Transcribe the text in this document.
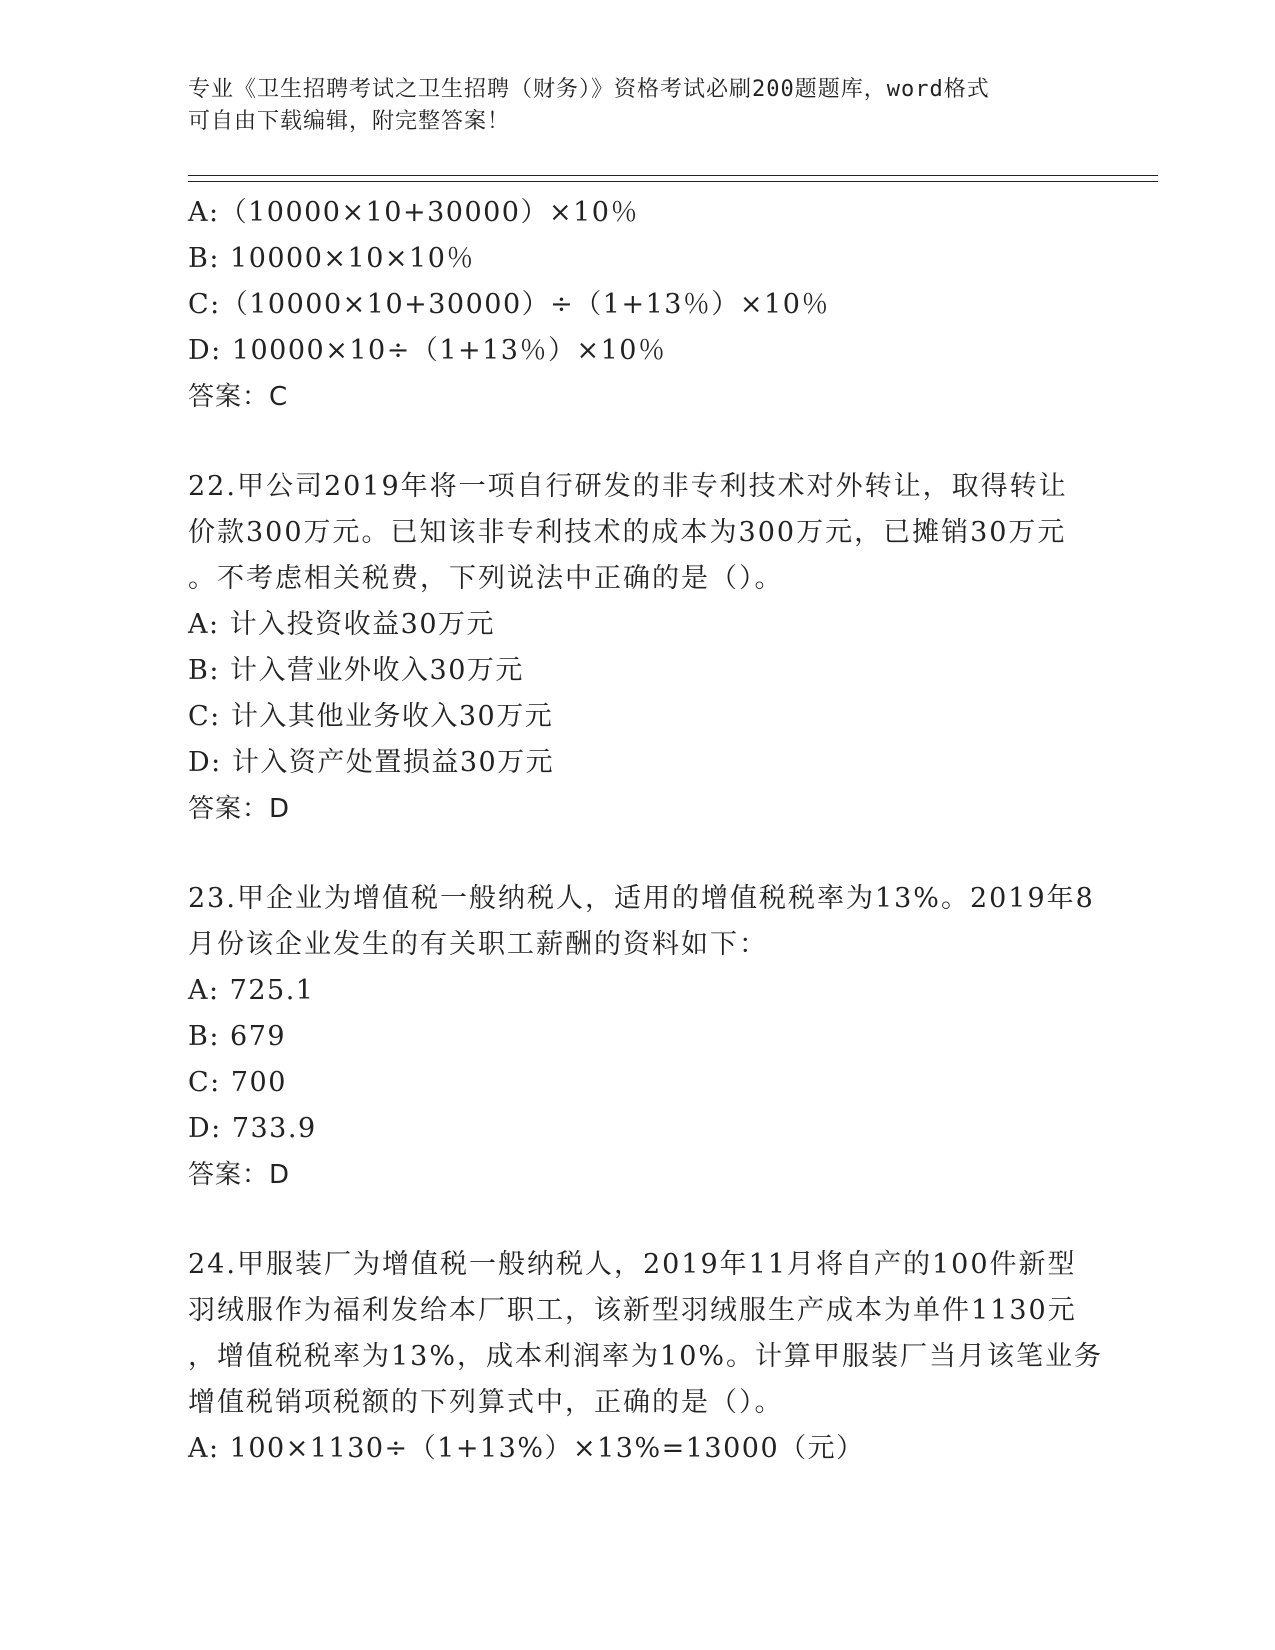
专业《卫生招聘考试之卫生招聘（财务）》资格考试必刷200题题库，word格式
可自由下载编辑，附完整答案！
A:（10000×10+30000）×10％
B: 10000×10×10％
C:（10000×10+30000）÷（1+13％）×10％
D: 10000×10÷（1+13％）×10％
答案：C
22.甲公司2019年将一项自行研发的非专利技术对外转让，取得转让
价款300万元。已知该非专利技术的成本为300万元，已摊销30万元
。不考虑相关税费，下列说法中正确的是（）。
A: 计入投资收益30万元
B: 计入营业外收入30万元
C: 计入其他业务收入30万元
D: 计入资产处置损益30万元
答案：D
23.甲企业为增值税一般纳税人，适用的增值税税率为13%。2019年8
月份该企业发生的有关职工薪酬的资料如下：
A: 725.1
B: 679
C: 700
D: 733.9
答案：D
24.甲服装厂为增值税一般纳税人，2019年11月将自产的100件新型
羽绒服作为福利发给本厂职工，该新型羽绒服生产成本为单件1130元
，增值税税率为13%，成本利润率为10%。计算甲服装厂当月该笔业务
增值税销项税额的下列算式中，正确的是（）。
A: 100×1130÷（1+13%）×13%=13000（元）
